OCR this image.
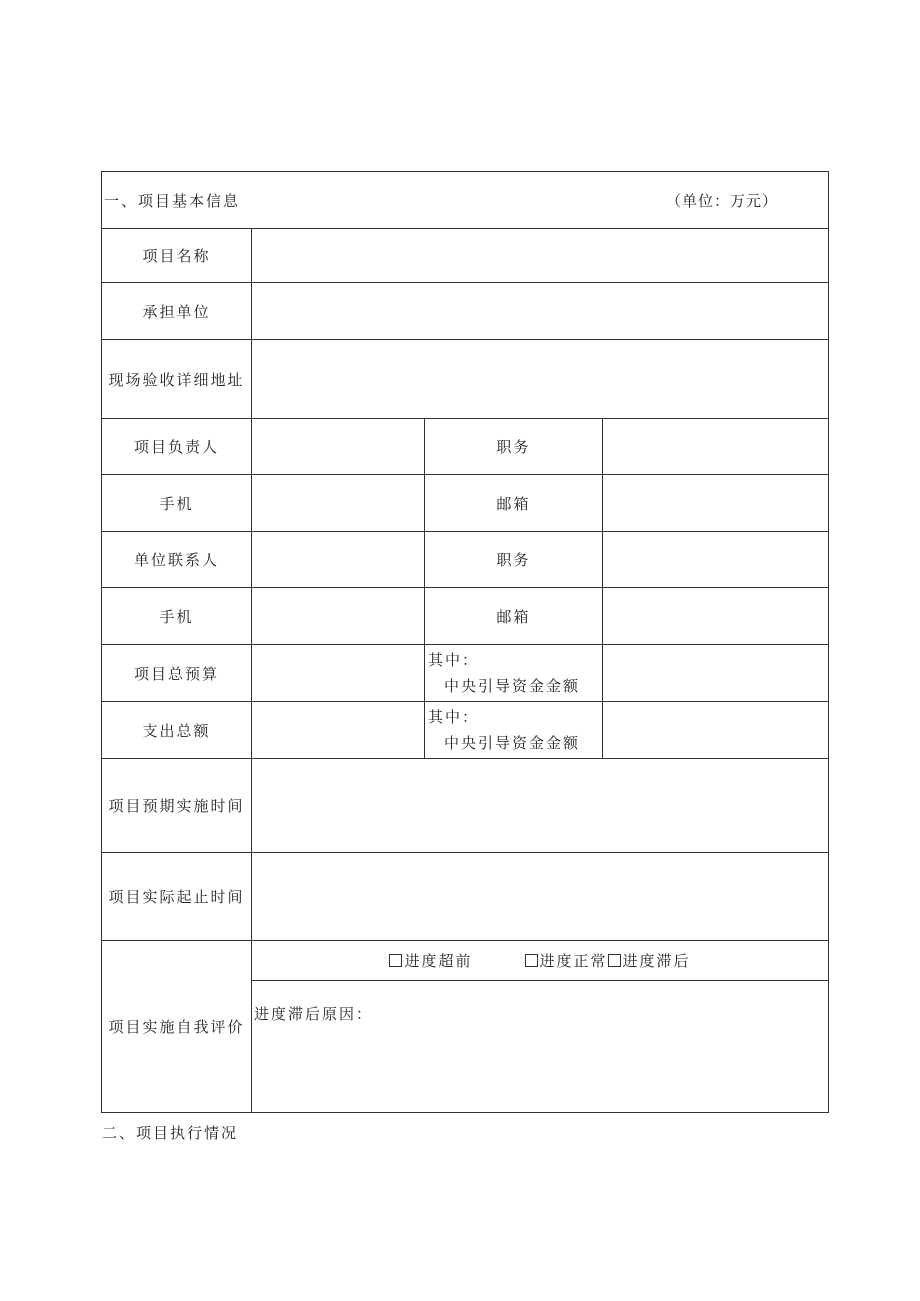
一、项目基本信息 （单位：万元）			

项目名称			
承担单位			
现场验收详细地址			
项目负责人		职务	
手机		邮箱	
单位联系人		职务	
手机		邮箱	
项目总预算		其中：
中央引导资金金额	

支出总额		其中：
中央引导资金金额	

项目预期实施时间			
项目实际起止时间			
项目实施自我评价	进度超前 进度正常 进度滞后		
	进度滞后原因：		
二、项目执行情况
